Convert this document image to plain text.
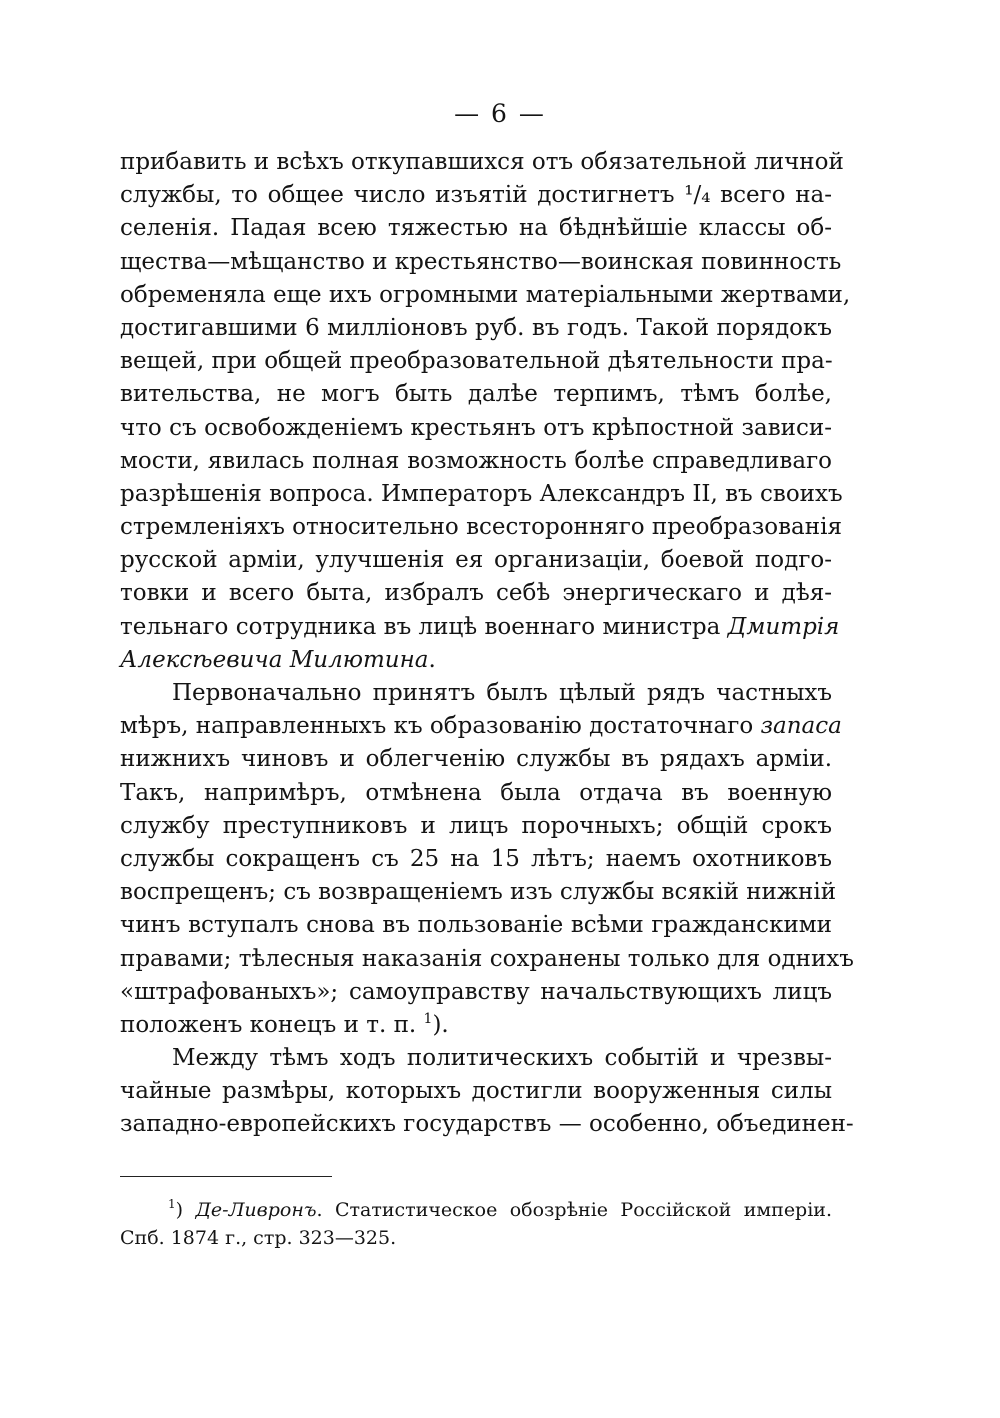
— 6 —
прибавить и всѣхъ откупавшихся отъ обязательной личной
службы, то общее число изъятій достигнетъ ¹/₄ всего на-
селенія. Падая всею тяжестью на бѣднѣйшіе классы об-
щества—мѣщанство и крестьянство—воинская повинность
обременяла еще ихъ огромными матеріальными жертвами,
достигавшими 6 милліоновъ руб. въ годъ. Такой порядокъ
вещей, при общей преобразовательной дѣятельности пра-
вительства, не могъ быть далѣе терпимъ, тѣмъ болѣе,
что съ освобожденіемъ крестьянъ отъ крѣпостной зависи-
мости, явилась полная возможность болѣе справедливаго
разрѣшенія вопроса. Императоръ Александръ II, въ своихъ
стремленіяхъ относительно всесторонняго преобразованія
русской арміи, улучшенія ея организаціи, боевой подго-
товки и всего быта, избралъ себѣ энергическаго и дѣя-
тельнаго сотрудника въ лицѣ военнаго министра Дмитрія
Алексѣевича Милютина.
Первоначально принятъ былъ цѣлый рядъ частныхъ
мѣръ, направленныхъ къ образованію достаточнаго запаса
нижнихъ чиновъ и облегченію службы въ рядахъ арміи.
Такъ, напримѣръ, отмѣнена была отдача въ военную
службу преступниковъ и лицъ порочныхъ; общій срокъ
службы сокращенъ съ 25 на 15 лѣтъ; наемъ охотниковъ
воспрещенъ; съ возвращеніемъ изъ службы всякій нижній
чинъ вступалъ снова въ пользованіе всѣми гражданскими
правами; тѣлесныя наказанія сохранены только для однихъ
«штрафованыхъ»; самоуправству начальствующихъ лицъ
положенъ конецъ и т. п. $^1$).
Между тѣмъ ходъ политическихъ событій и чрезвы-
чайные размѣры, которыхъ достигли вооруженныя силы
западно-европейскихъ государствъ — особенно, объединен-
$^1$) Де-Ливронъ. Статистическое обозрѣніе Россійской имперіи.
Спб. 1874 г., стр. 323—325.
